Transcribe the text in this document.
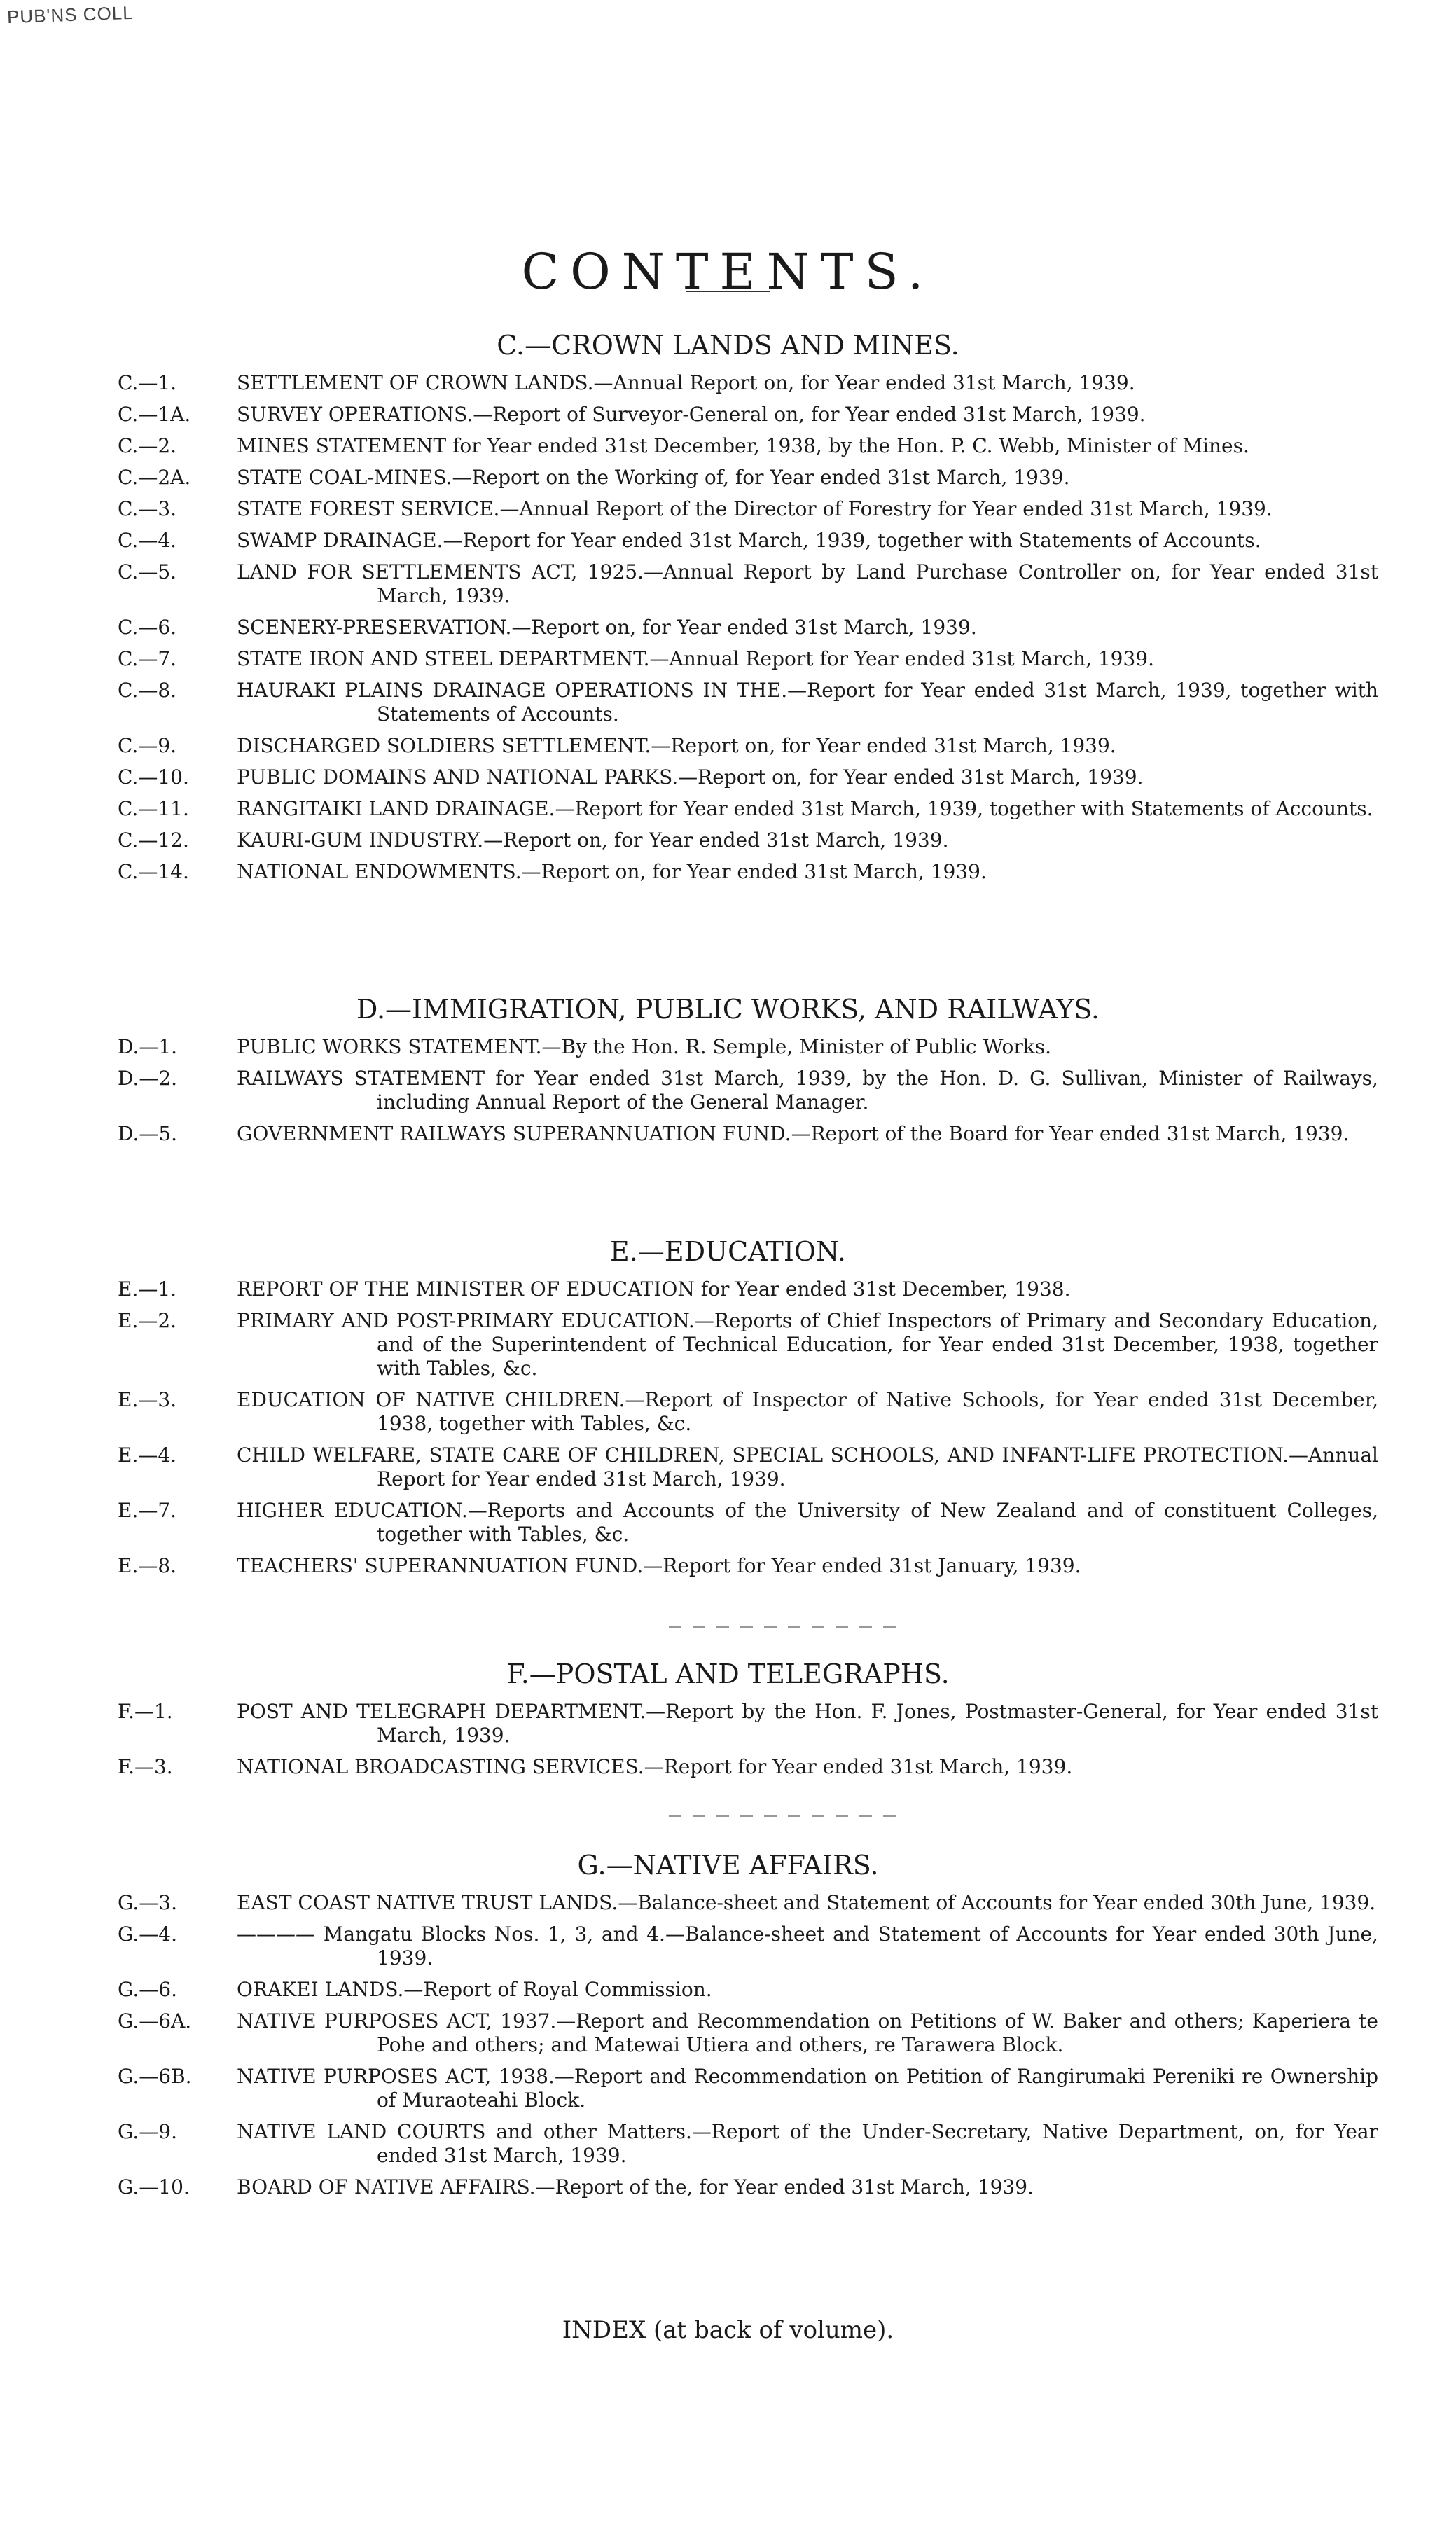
PUB'NS COLL
CONTENTS.
C.—CROWN LANDS AND MINES.
C.—1.	SETTLEMENT OF CROWN LANDS.—Annual Report on, for Year ended 31st March, 1939.
C.—1A.	SURVEY OPERATIONS.—Report of Surveyor-General on, for Year ended 31st March, 1939.
C.—2.	MINES STATEMENT for Year ended 31st December, 1938, by the Hon. P. C. Webb, Minister of Mines.
C.—2A.	STATE COAL-MINES.—Report on the Working of, for Year ended 31st March, 1939.
C.—3.	STATE FOREST SERVICE.—Annual Report of the Director of Forestry for Year ended 31st March, 1939.
C.—4.	SWAMP DRAINAGE.—Report for Year ended 31st March, 1939, together with Statements of Accounts.
C.—5.	LAND FOR SETTLEMENTS ACT, 1925.—Annual Report by Land Purchase Controller on, for Year ended 31st March, 1939.
C.—6.	SCENERY-PRESERVATION.—Report on, for Year ended 31st March, 1939.
C.—7.	STATE IRON AND STEEL DEPARTMENT.—Annual Report for Year ended 31st March, 1939.
C.—8.	HAURAKI PLAINS DRAINAGE OPERATIONS IN THE.—Report for Year ended 31st March, 1939, together with Statements of Accounts.
C.—9.	DISCHARGED SOLDIERS SETTLEMENT.—Report on, for Year ended 31st March, 1939.
C.—10.	PUBLIC DOMAINS AND NATIONAL PARKS.—Report on, for Year ended 31st March, 1939.
C.—11.	RANGITAIKI LAND DRAINAGE.—Report for Year ended 31st March, 1939, together with Statements of Accounts.
C.—12.	KAURI-GUM INDUSTRY.—Report on, for Year ended 31st March, 1939.
C.—14.	NATIONAL ENDOWMENTS.—Report on, for Year ended 31st March, 1939.
D.—IMMIGRATION, PUBLIC WORKS, AND RAILWAYS.
D.—1.	PUBLIC WORKS STATEMENT.—By the Hon. R. Semple, Minister of Public Works.
D.—2.	RAILWAYS STATEMENT for Year ended 31st March, 1939, by the Hon. D. G. Sullivan, Minister of Railways, including Annual Report of the General Manager.
D.—5.	GOVERNMENT RAILWAYS SUPERANNUATION FUND.—Report of the Board for Year ended 31st March, 1939.
E.—EDUCATION.
E.—1.	REPORT OF THE MINISTER OF EDUCATION for Year ended 31st December, 1938.
E.—2.	PRIMARY AND POST-PRIMARY EDUCATION.—Reports of Chief Inspectors of Primary and Secondary Education, and of the Superintendent of Technical Education, for Year ended 31st December, 1938, together with Tables, &c.
E.—3.	EDUCATION OF NATIVE CHILDREN.—Report of Inspector of Native Schools, for Year ended 31st December, 1938, together with Tables, &c.
E.—4.	CHILD WELFARE, STATE CARE OF CHILDREN, SPECIAL SCHOOLS, AND INFANT-LIFE PROTECTION.—Annual Report for Year ended 31st March, 1939.
E.—7.	HIGHER EDUCATION.—Reports and Accounts of the University of New Zealand and of constituent Colleges, together with Tables, &c.
E.—8.	TEACHERS' SUPERANNUATION FUND.—Report for Year ended 31st January, 1939.
F.—POSTAL AND TELEGRAPHS.
F.—1.	POST AND TELEGRAPH DEPARTMENT.—Report by the Hon. F. Jones, Postmaster-General, for Year ended 31st March, 1939.
F.—3.	NATIONAL BROADCASTING SERVICES.—Report for Year ended 31st March, 1939.
G.—NATIVE AFFAIRS.
G.—3.	EAST COAST NATIVE TRUST LANDS.—Balance-sheet and Statement of Accounts for Year ended 30th June, 1939.
G.—4.	———— Mangatu Blocks Nos. 1, 3, and 4.—Balance-sheet and Statement of Accounts for Year ended 30th June, 1939.
G.—6.	ORAKEI LANDS.—Report of Royal Commission.
G.—6A.	NATIVE PURPOSES ACT, 1937.—Report and Recommendation on Petitions of W. Baker and others; Kaperiera te Pohe and others; and Matewai Utiera and others, re Tarawera Block.
G.—6B.	NATIVE PURPOSES ACT, 1938.—Report and Recommendation on Petition of Rangirumaki Pereniki re Ownership of Muraoteahi Block.
G.—9.	NATIVE LAND COURTS and other Matters.—Report of the Under-Secretary, Native Department, on, for Year ended 31st March, 1939.
G.—10.	BOARD OF NATIVE AFFAIRS.—Report of the, for Year ended 31st March, 1939.
INDEX (at back of volume).
